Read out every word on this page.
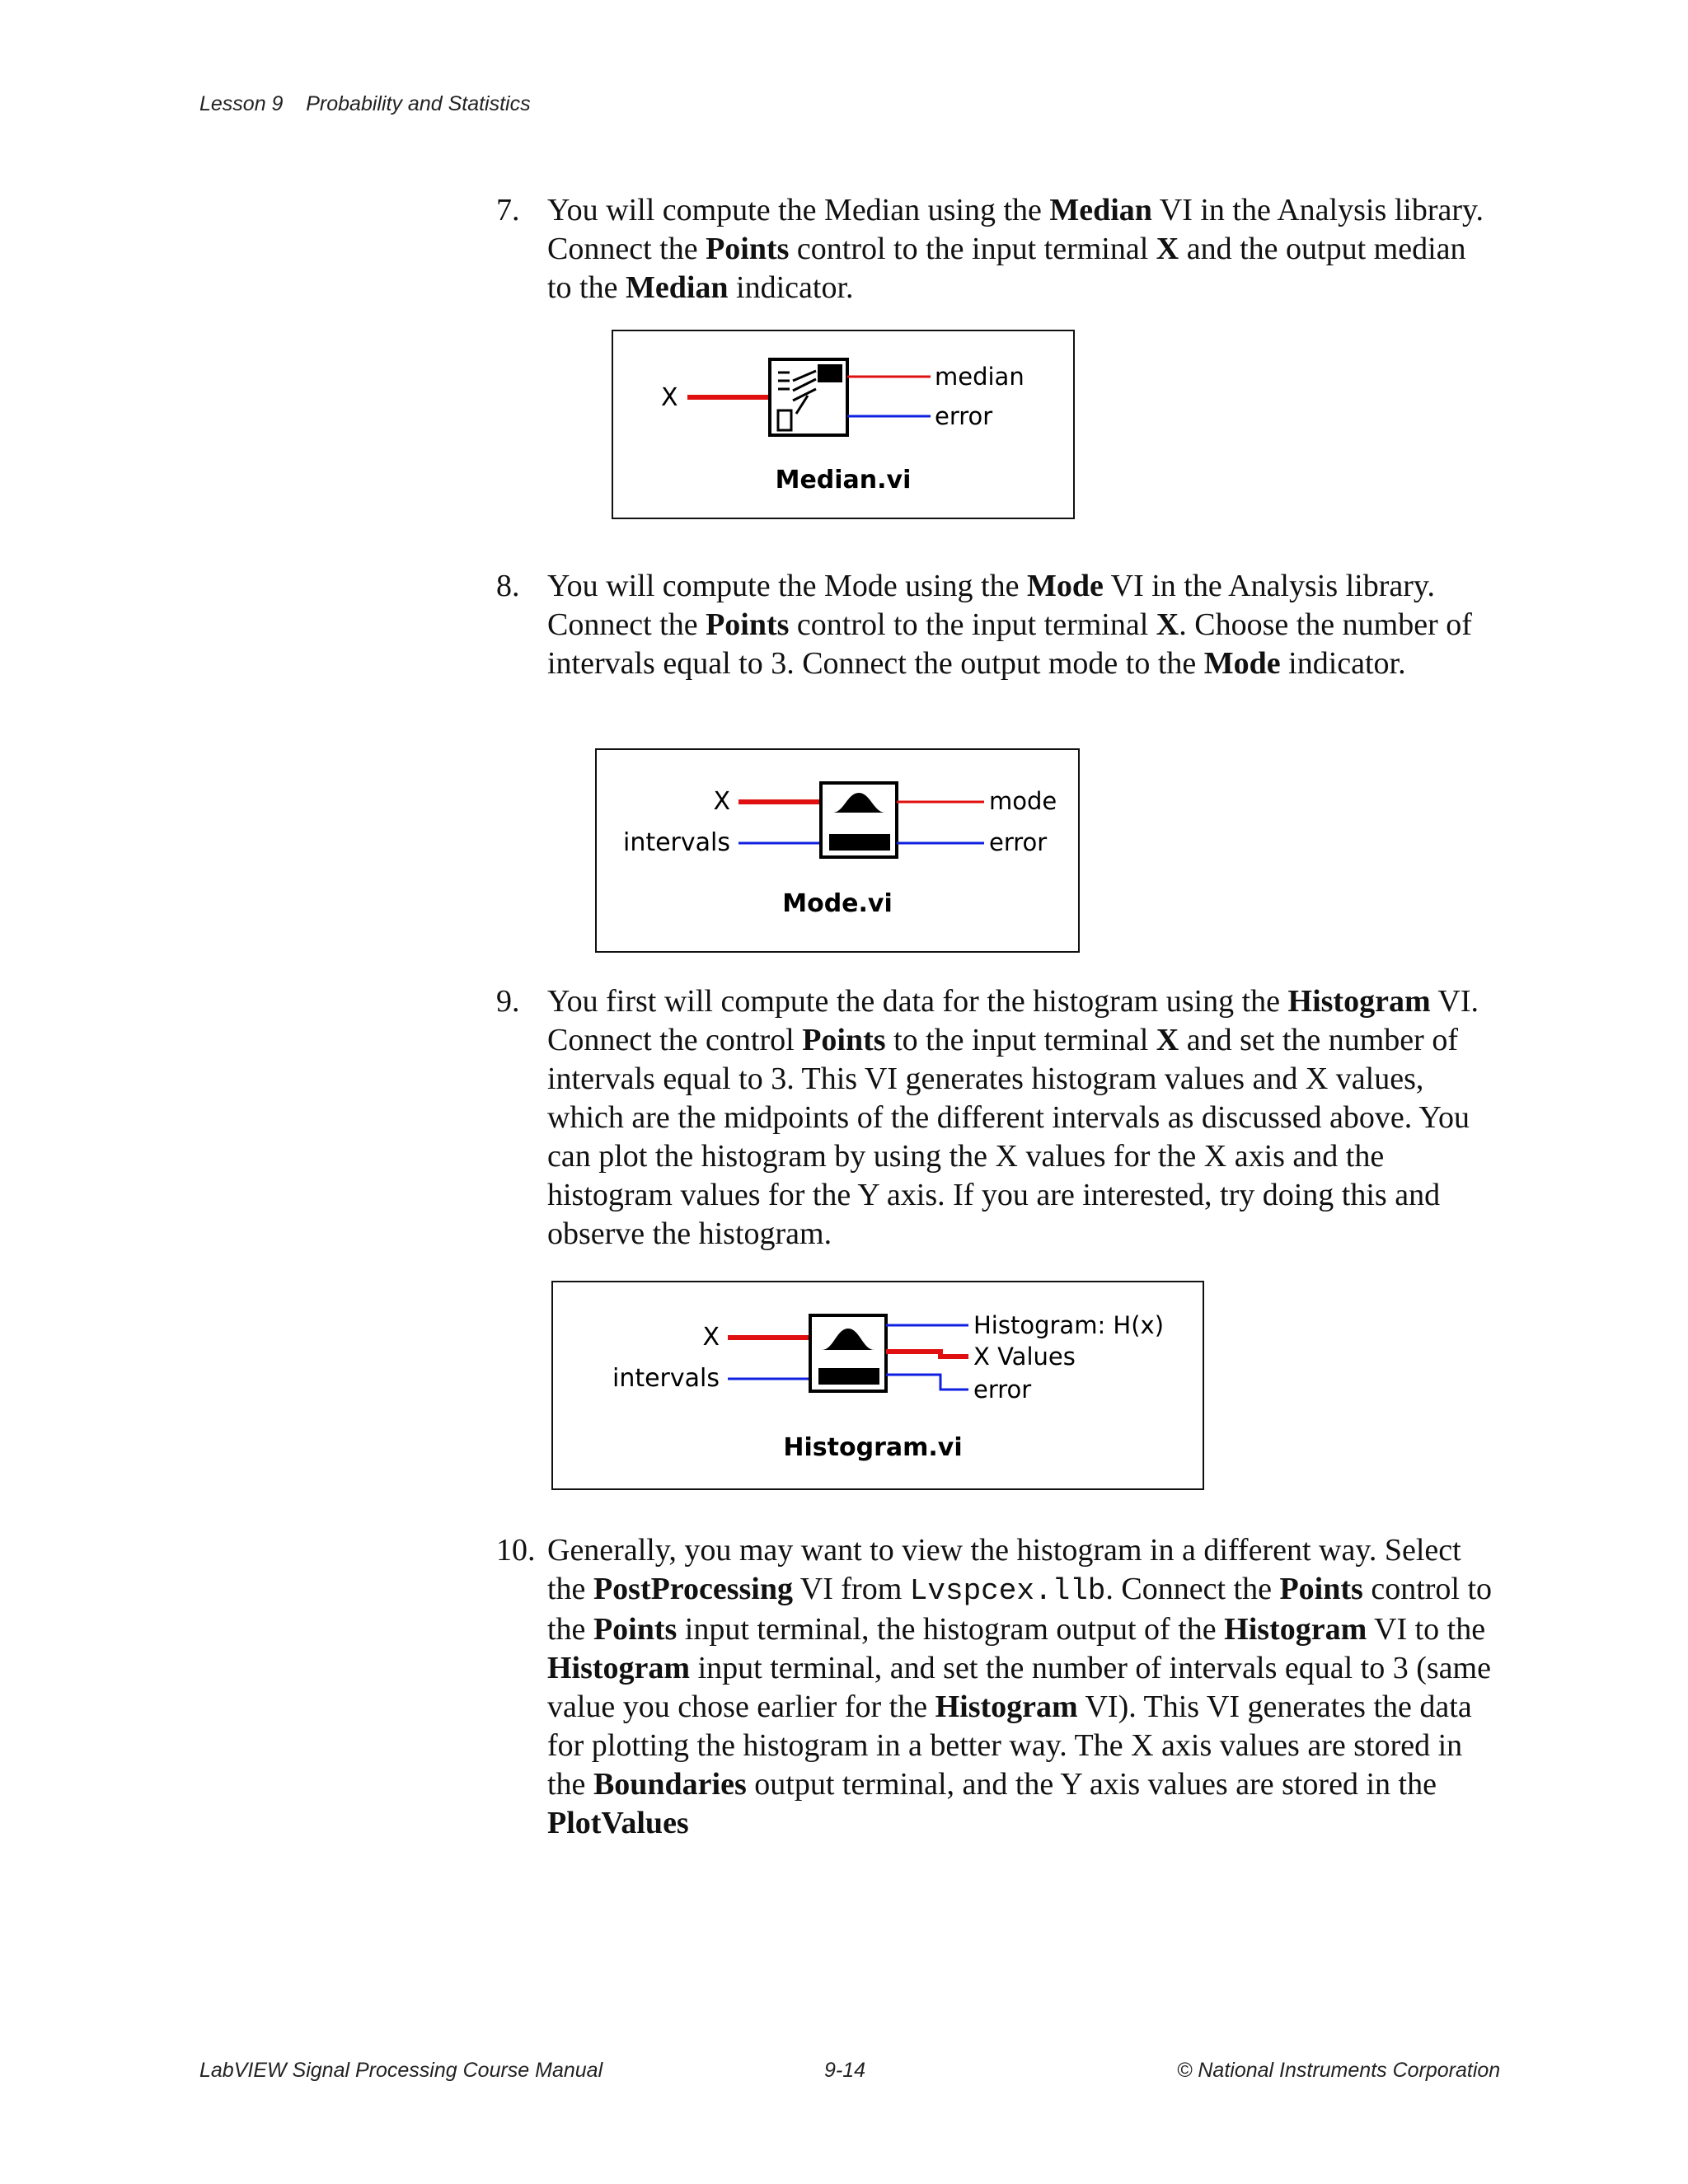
Lesson 9    Probability and Statistics
7. You will compute the Median using the Median VI in the Analysis library. Connect the Points control to the input terminal X and the output median to the Median indicator.
X
median
error
Median.vi
8. You will compute the Mode using the Mode VI in the Analysis library. Connect the Points control to the input terminal X. Choose the number of intervals equal to 3. Connect the output mode to the Mode indicator.
X
intervals
mode
error
Mode.vi
9. You first will compute the data for the histogram using the Histogram VI. Connect the control Points to the input terminal X and set the number of intervals equal to 3. This VI generates histogram values and X values, which are the midpoints of the different intervals as discussed above. You can plot the histogram by using the X values for the X axis and the histogram values for the Y axis. If you are interested, try doing this and observe the histogram.
X
intervals
Histogram: H(x)
X Values
error
Histogram.vi
10. Generally, you may want to view the histogram in a different way. Select the PostProcessing VI from Lvspcex.llb. Connect the Points control to the Points input terminal, the histogram output of the Histogram VI to the Histogram input terminal, and set the number of intervals equal to 3 (same value you chose earlier for the Histogram VI). This VI generates the data for plotting the histogram in a better way. The X axis values are stored in the Boundaries output terminal, and the Y axis values are stored in the PlotValues
LabVIEW Signal Processing Course Manual	9-14	© National Instruments Corporation
